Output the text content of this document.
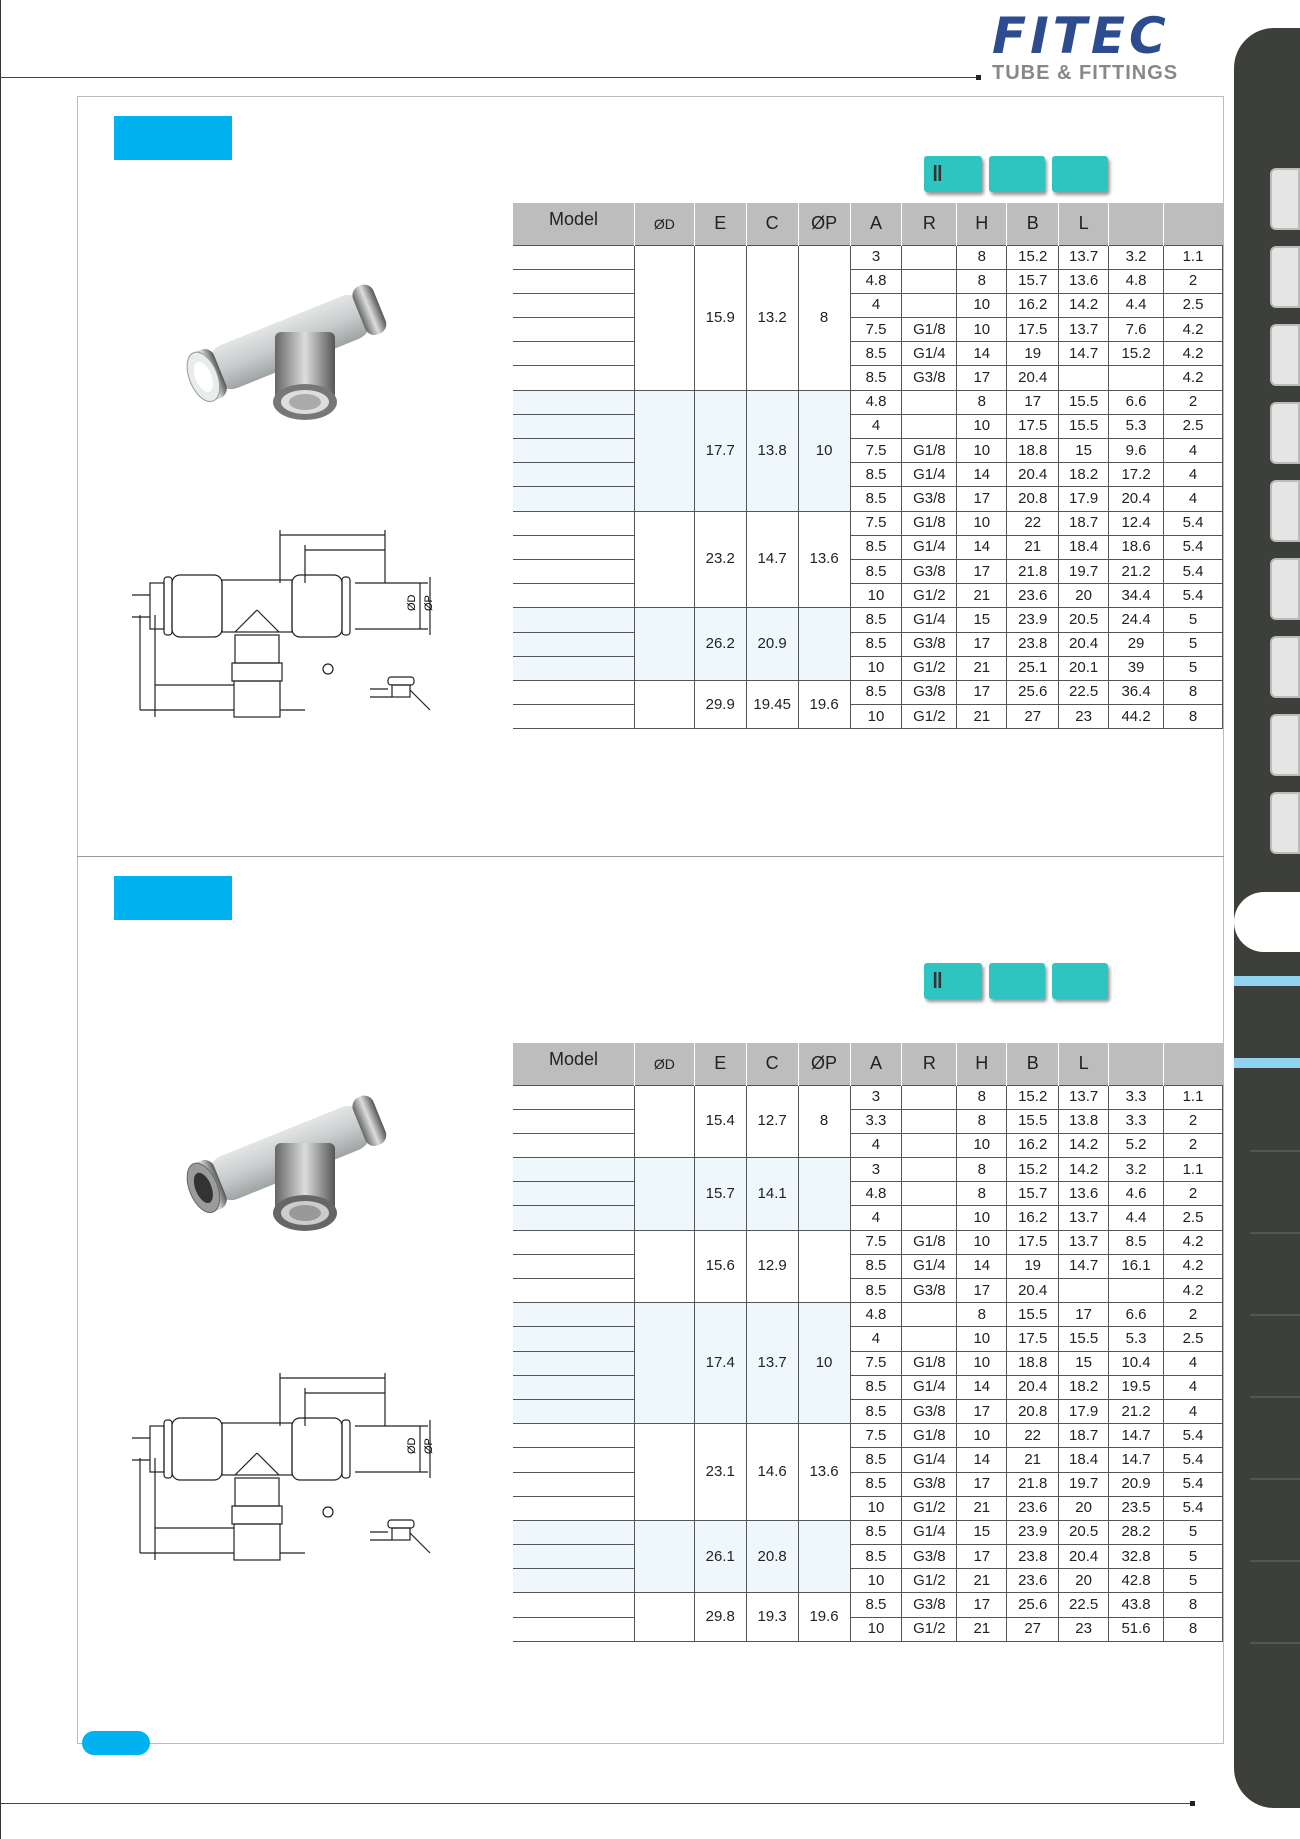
FITEC
TUBE & FITTINGS
‖
‖
ØD ØP
ØD ØP
Model	ØD	E	C	ØP	A	R	H	B	L		
		15.9	13.2	8	3		8	15.2	13.7	3.2	1.1
					4.8		8	15.7	13.6	4.8	2
					4		10	16.2	14.2	4.4	2.5
					7.5	G1/8	10	17.5	13.7	7.6	4.2
					8.5	G1/4	14	19	14.7	15.2	4.2
					8.5	G3/8	17	20.4			4.2
		17.7	13.8	10	4.8		8	17	15.5	6.6	2
					4		10	17.5	15.5	5.3	2.5
					7.5	G1/8	10	18.8	15	9.6	4
					8.5	G1/4	14	20.4	18.2	17.2	4
					8.5	G3/8	17	20.8	17.9	20.4	4
		23.2	14.7	13.6	7.5	G1/8	10	22	18.7	12.4	5.4
					8.5	G1/4	14	21	18.4	18.6	5.4
					8.5	G3/8	17	21.8	19.7	21.2	5.4
					10	G1/2	21	23.6	20	34.4	5.4
		26.2	20.9		8.5	G1/4	15	23.9	20.5	24.4	5
					8.5	G3/8	17	23.8	20.4	29	5
					10	G1/2	21	25.1	20.1	39	5
		29.9	19.45	19.6	8.5	G3/8	17	25.6	22.5	36.4	8
					10	G1/2	21	27	23	44.2	8
Model	ØD	E	C	ØP	A	R	H	B	L		
		15.4	12.7	8	3		8	15.2	13.7	3.3	1.1
					3.3		8	15.5	13.8	3.3	2
					4		10	16.2	14.2	5.2	2
		15.7	14.1		3		8	15.2	14.2	3.2	1.1
					4.8		8	15.7	13.6	4.6	2
					4		10	16.2	13.7	4.4	2.5
		15.6	12.9		7.5	G1/8	10	17.5	13.7	8.5	4.2
					8.5	G1/4	14	19	14.7	16.1	4.2
					8.5	G3/8	17	20.4			4.2
		17.4	13.7	10	4.8		8	15.5	17	6.6	2
					4		10	17.5	15.5	5.3	2.5
					7.5	G1/8	10	18.8	15	10.4	4
					8.5	G1/4	14	20.4	18.2	19.5	4
					8.5	G3/8	17	20.8	17.9	21.2	4
		23.1	14.6	13.6	7.5	G1/8	10	22	18.7	14.7	5.4
					8.5	G1/4	14	21	18.4	14.7	5.4
					8.5	G3/8	17	21.8	19.7	20.9	5.4
					10	G1/2	21	23.6	20	23.5	5.4
		26.1	20.8		8.5	G1/4	15	23.9	20.5	28.2	5
					8.5	G3/8	17	23.8	20.4	32.8	5
					10	G1/2	21	23.6	20	42.8	5
		29.8	19.3	19.6	8.5	G3/8	17	25.6	22.5	43.8	8
					10	G1/2	21	27	23	51.6	8
